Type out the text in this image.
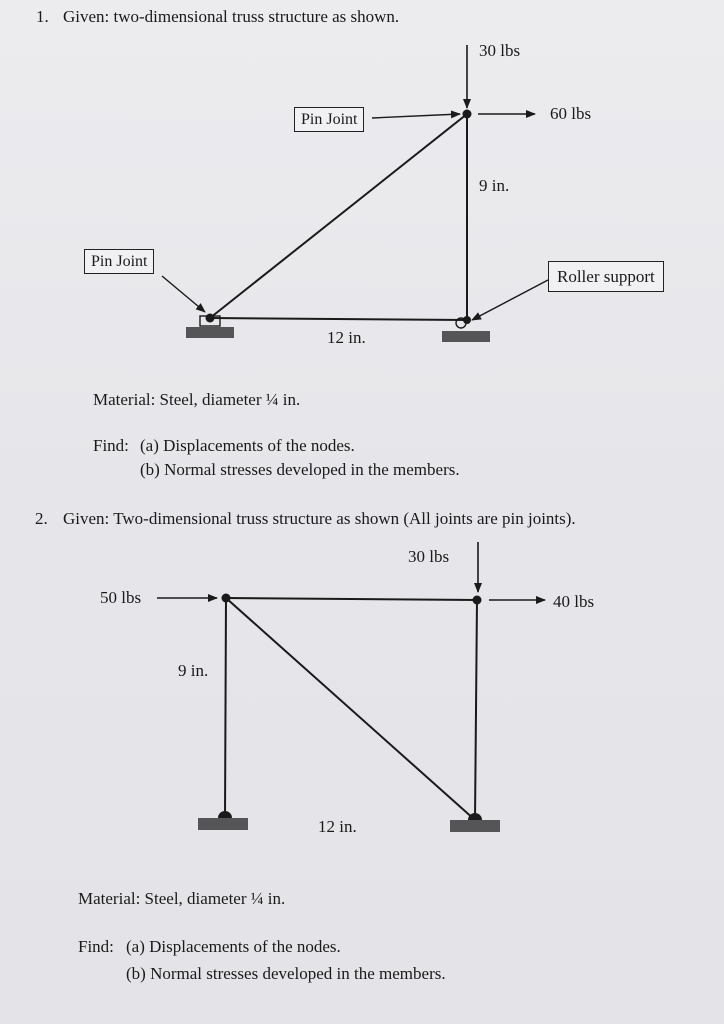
1. Given: two-dimensional truss structure as shown.
30 lbs
60 lbs
9 in.
12 in.
30 lbs
50 lbs	40 lbs
9 in.
12 in.
Pin Joint
Pin Joint
Roller support
Material: Steel, diameter ¼ in.
Find: (a) Displacements of the nodes.
(b) Normal stresses developed in the members.
2. Given: Two-dimensional truss structure as shown (All joints are pin joints).
Material: Steel, diameter ¼ in.
Find: (a) Displacements of the nodes.
(b) Normal stresses developed in the members.
